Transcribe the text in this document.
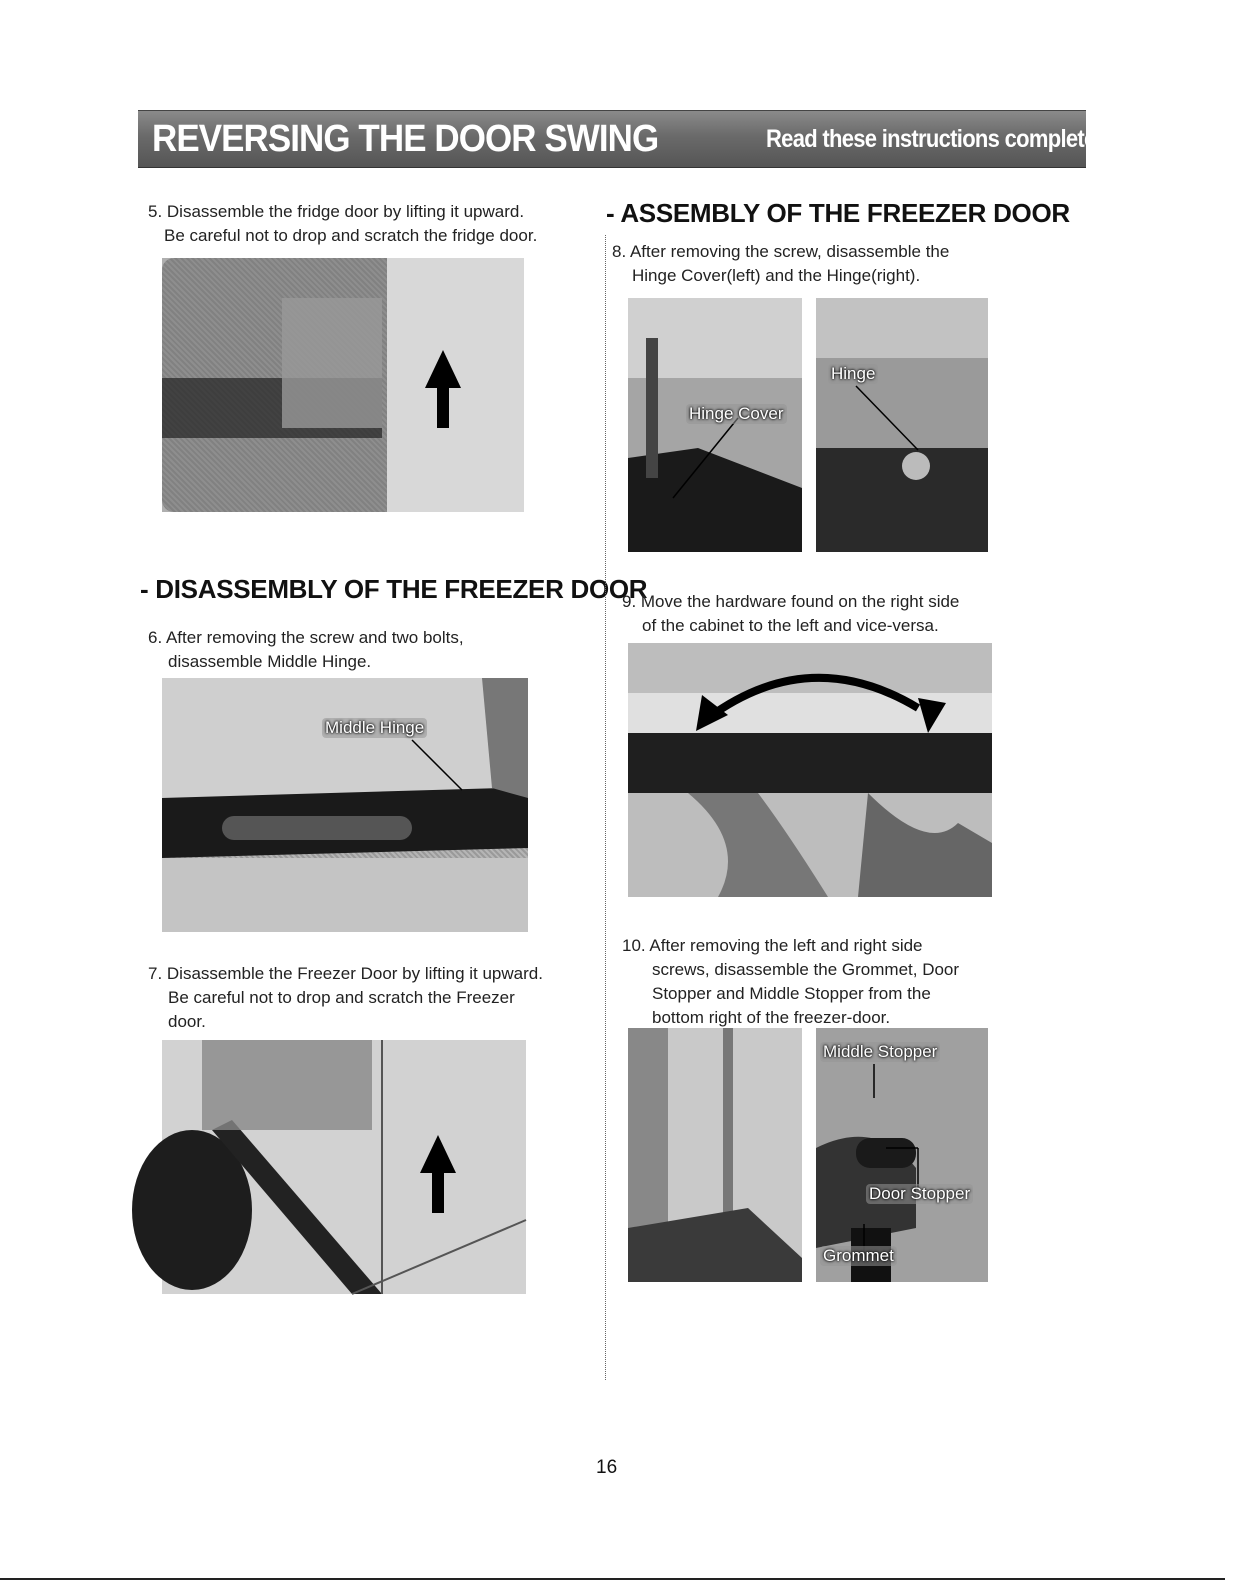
REVERSING THE DOOR SWING	Read these instructions completely and carefully
5. Disassemble the fridge door by lifting it upward.
Be careful not to drop and scratch the fridge door.
- DISASSEMBLY OF THE FREEZER DOOR
6. After removing the screw and two bolts,
disassemble Middle Hinge.
Middle Hinge
7. Disassemble the Freezer Door by lifting it upward.
Be careful not to drop and scratch the Freezer
door.
- ASSEMBLY OF THE FREEZER DOOR
8. After removing the screw, disassemble the
Hinge Cover(left) and the Hinge(right).
Hinge Cover
Hinge
9. Move the hardware found on the right side
of the cabinet to the left and vice-versa.
10. After removing the left and right side
screws, disassemble the Grommet, Door
Stopper and Middle Stopper from the
bottom right of the freezer-door.
Middle Stopper
Door Stopper
Grommet
16
